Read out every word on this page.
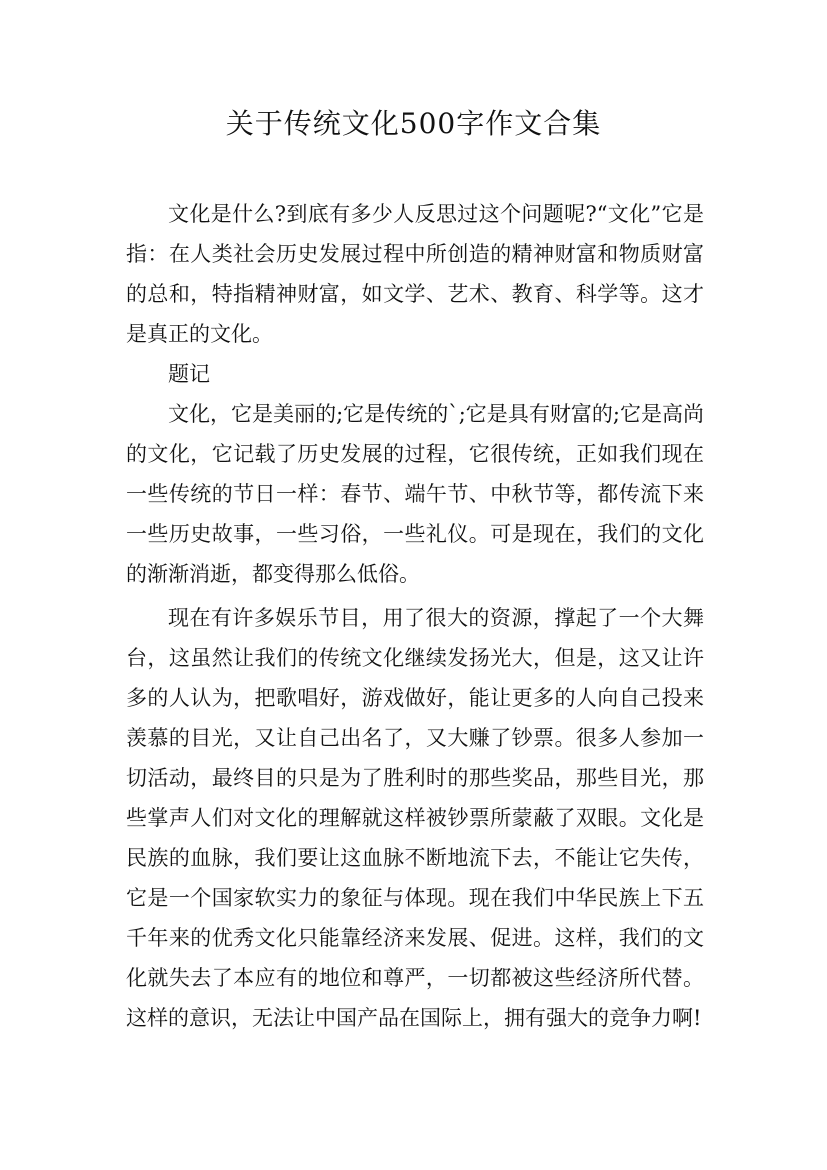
关于传统文化500字作文合集

文化是什么?到底有多少人反思过这个问题呢?“文化”它是指：在人类社会历史发展过程中所创造的精神财富和物质财富的总和，特指精神财富，如文学、艺术、教育、科学等。这才是真正的文化。

题记

文化，它是美丽的;它是传统的`;它是具有财富的;它是高尚的文化，它记载了历史发展的过程，它很传统，正如我们现在一些传统的节日一样：春节、端午节、中秋节等，都传流下来一些历史故事，一些习俗，一些礼仪。可是现在，我们的文化的渐渐消逝，都变得那么低俗。

现在有许多娱乐节目，用了很大的资源，撑起了一个大舞台，这虽然让我们的传统文化继续发扬光大，但是，这又让许多的人认为，把歌唱好，游戏做好，能让更多的人向自己投来羡慕的目光，又让自己出名了，又大赚了钞票。很多人参加一切活动，最终目的只是为了胜利时的那些奖品，那些目光，那些掌声人们对文化的理解就这样被钞票所蒙蔽了双眼。文化是民族的血脉，我们要让这血脉不断地流下去，不能让它失传，它是一个国家软实力的象征与体现。现在我们中华民族上下五千年来的优秀文化只能靠经济来发展、促进。这样，我们的文化就失去了本应有的地位和尊严，一切都被这些经济所代替。这样的意识，无法让中国产品在国际上，拥有强大的竞争力啊!
